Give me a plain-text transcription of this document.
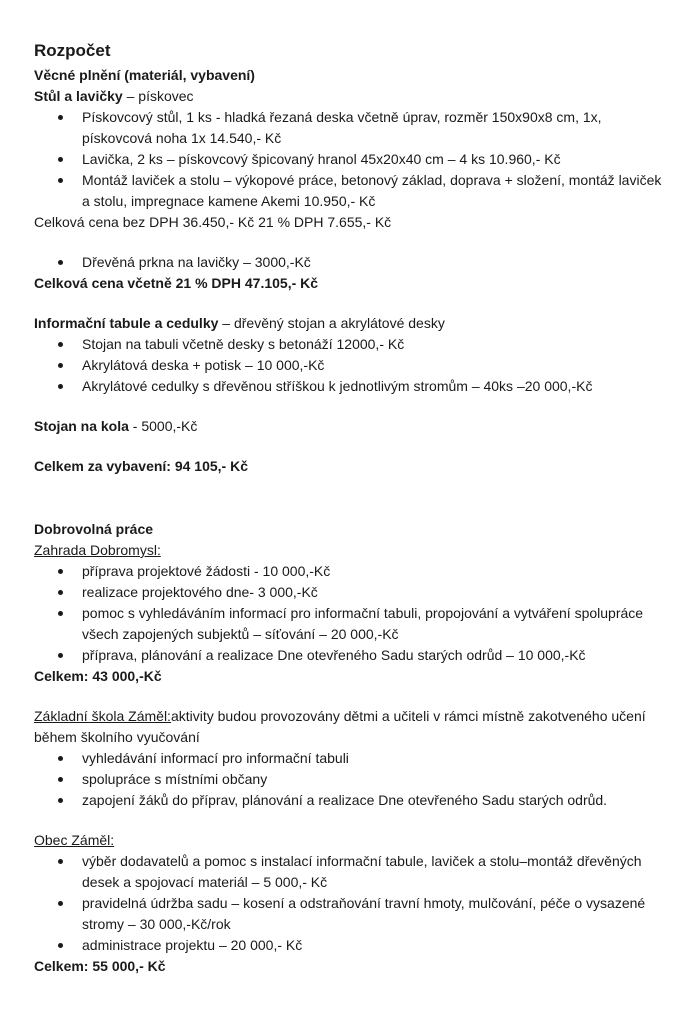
Rozpočet

Věcné plnění (materiál, vybavení)

Stůl a lavičky – pískovec

Pískovcový stůl, 1 ks - hladká řezaná deska včetně úprav, rozměr 150x90x8 cm, 1x, pískovcová noha 1x 14.540,- Kč
Lavička, 2 ks – pískovcový špicovaný hranol 45x20x40 cm – 4 ks 10.960,- Kč
Montáž laviček a stolu – výkopové práce, betonový základ, doprava + složení, montáž laviček a stolu, impregnace kamene Akemi 10.950,- Kč

Celková cena bez DPH 36.450,- Kč 21 % DPH 7.655,- Kč

Dřevěná prkna na lavičky – 3000,-Kč

Celková cena včetně 21 % DPH 47.105,- Kč

Informační tabule a cedulky – dřevěný stojan a akrylátové desky

Stojan na tabuli včetně desky s betonáží 12000,- Kč
Akrylátová deska + potisk – 10 000,-Kč
Akrylátové cedulky s dřevěnou stříškou k jednotlivým stromům – 40ks –20 000,-Kč

Stojan na kola - 5000,-Kč

Celkem za vybavení: 94 105,- Kč

Dobrovolná práce

Zahrada Dobromysl:

příprava projektové žádosti - 10 000,-Kč
realizace projektového dne- 3 000,-Kč
pomoc s vyhledáváním informací pro informační tabuli, propojování a vytváření spolupráce všech zapojených subjektů – síťování – 20 000,-Kč
příprava, plánování a realizace Dne otevřeného Sadu starých odrůd – 10 000,-Kč

Celkem: 43 000,-Kč

Základní škola Záměl:aktivity budou provozovány dětmi a učiteli v rámci místně zakotveného učení během školního vyučování

vyhledávání informací pro informační tabuli
spolupráce s místními občany
zapojení žáků do příprav, plánování a realizace Dne otevřeného Sadu starých odrůd.

Obec Záměl:

výběr dodavatelů a pomoc s instalací informační tabule, laviček a stolu–montáž dřevěných desek a spojovací materiál – 5 000,- Kč
pravidelná údržba sadu – kosení a odstraňování travní hmoty, mulčování, péče o vysazené stromy – 30 000,-Kč/rok
administrace projektu – 20 000,- Kč

Celkem: 55 000,- Kč
